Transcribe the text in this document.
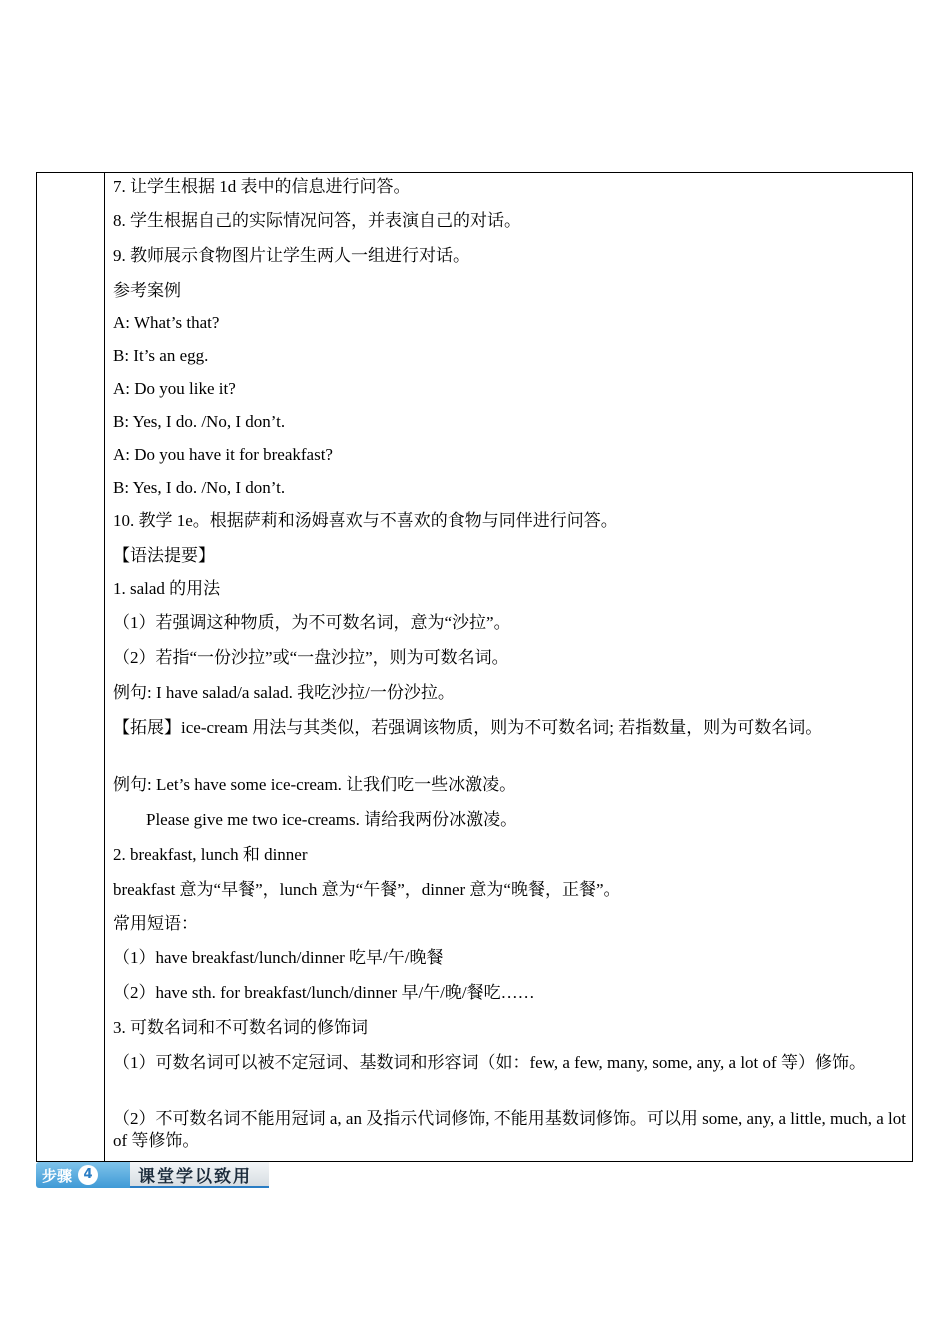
7. 让学生根据 1d 表中的信息进行问答。
8. 学生根据自己的实际情况问答，并表演自己的对话。
9. 教师展示食物图片让学生两人一组进行对话。
参考案例
A: What’s that?
B: It’s an egg.
A: Do you like it?
B: Yes, I do. /No, I don’t.
A: Do you have it for breakfast?
B: Yes, I do. /No, I don’t.
10. 教学 1e。根据萨莉和汤姆喜欢与不喜欢的食物与同伴进行问答。
【语法提要】
1. salad 的用法
（1）若强调这种物质，为不可数名词，意为“沙拉”。
（2）若指“一份沙拉”或“一盘沙拉”，则为可数名词。
例句: I have salad/a salad. 我吃沙拉/一份沙拉。
【拓展】ice-cream 用法与其类似，若强调该物质，则为不可数名词; 若指数量，则为可数名词。
例句: Let’s have some ice-cream. 让我们吃一些冰激凌。
Please give me two ice-creams. 请给我两份冰激凌。
2. breakfast, lunch 和 dinner
breakfast 意为“早餐”，lunch 意为“午餐”，dinner 意为“晚餐，正餐”。
常用短语：
（1）have breakfast/lunch/dinner 吃早/午/晚餐
（2）have sth. for breakfast/lunch/dinner 早/午/晚/餐吃……
3. 可数名词和不可数名词的修饰词
（1）可数名词可以被不定冠词、基数词和形容词（如：few, a few, many, some, any, a lot of 等）修饰。
（2）不可数名词不能用冠词 a, an 及指示代词修饰, 不能用基数词修饰。可以用 some, any, a little, much, a lot of 等修饰。
步骤 4	课堂学以致用
